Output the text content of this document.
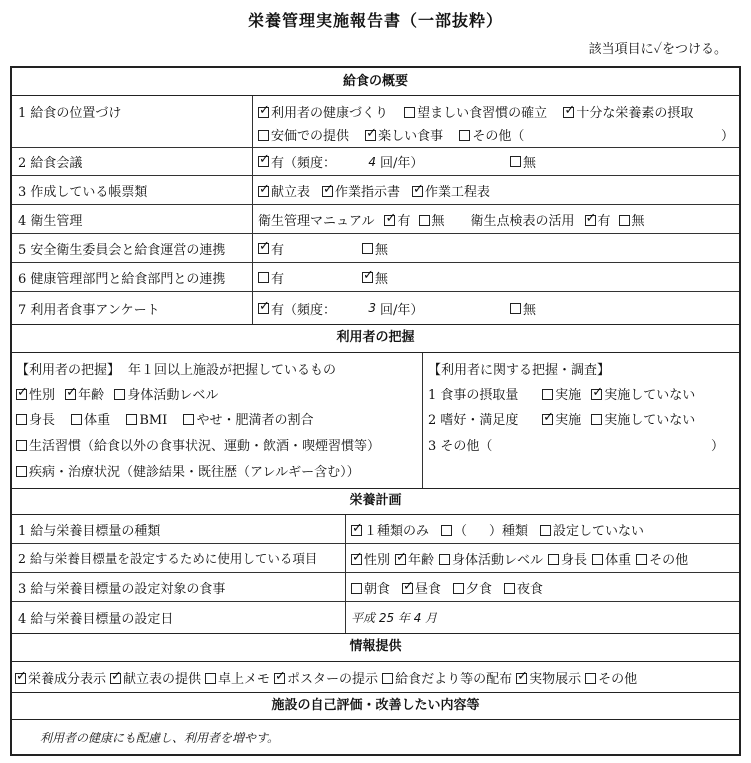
栄養管理実施報告書（一部抜粋）
該当項目に✓をつける。
給食の概要
1 給食の位置づけ ✓	利用者の健康づくり 望ましい食習慣の確立 ✓ 十分な栄養素の摂取
安価での提供 ✓ 楽しい食事 その他（	）
2 給食会議 ✓	有（頻度：	4 回/年）	無
3 作成している帳票類 ✓	献立表 ✓	作業指示書 ✓	作業工程表
4 衛生管理	衛生管理マニュアル ✓	有	無 衛生点検表の活用 ✓	有	無
5 安全衛生委員会と給食運営の連携 ✓	有	無
6 健康管理部門と給食部門との連携	有 ✓	無
7 利用者食事アンケート ✓	有（頻度：	3 回/年）	無
利用者の把握
【利用者の把握】 年１回以上施設が把握しているもの
✓性別 ✓ 年齢 身体活動レベル
身長 体重 BMI やせ・肥満者の割合
生活習慣（給食以外の食事状況、運動・飲酒・喫煙習慣等）
疾病・治療状況（健診結果・既往歴（アレルギー含む））
【利用者に関する把握・調査】
1 食事の摂取量	実施 ✓ 実施していない
2 嗜好・満足度 ✓	実施 実施していない
3 その他（	）
栄養計画
1 給与栄養目標量の種類 ✓	１種類のみ	（ ）種類	設定していない
2 給与栄養目標量を設定するために使用している項目 ✓	性別 ✓	年齢	身体活動レベル	身長	体重	その他
3 給与栄養目標量の設定対象の食事	朝食 ✓	昼食	夕食	夜食
4 給与栄養目標量の設定日	平成 25 年 4 月
情報提供
✓栄養成分表示 ✓	献立表の提供	卓上メモ ✓	ポスターの提示	給食だより等の配布 ✓	実物展示	その他
施設の自己評価・改善したい内容等
利用者の健康にも配慮し、利用者を増やす。
